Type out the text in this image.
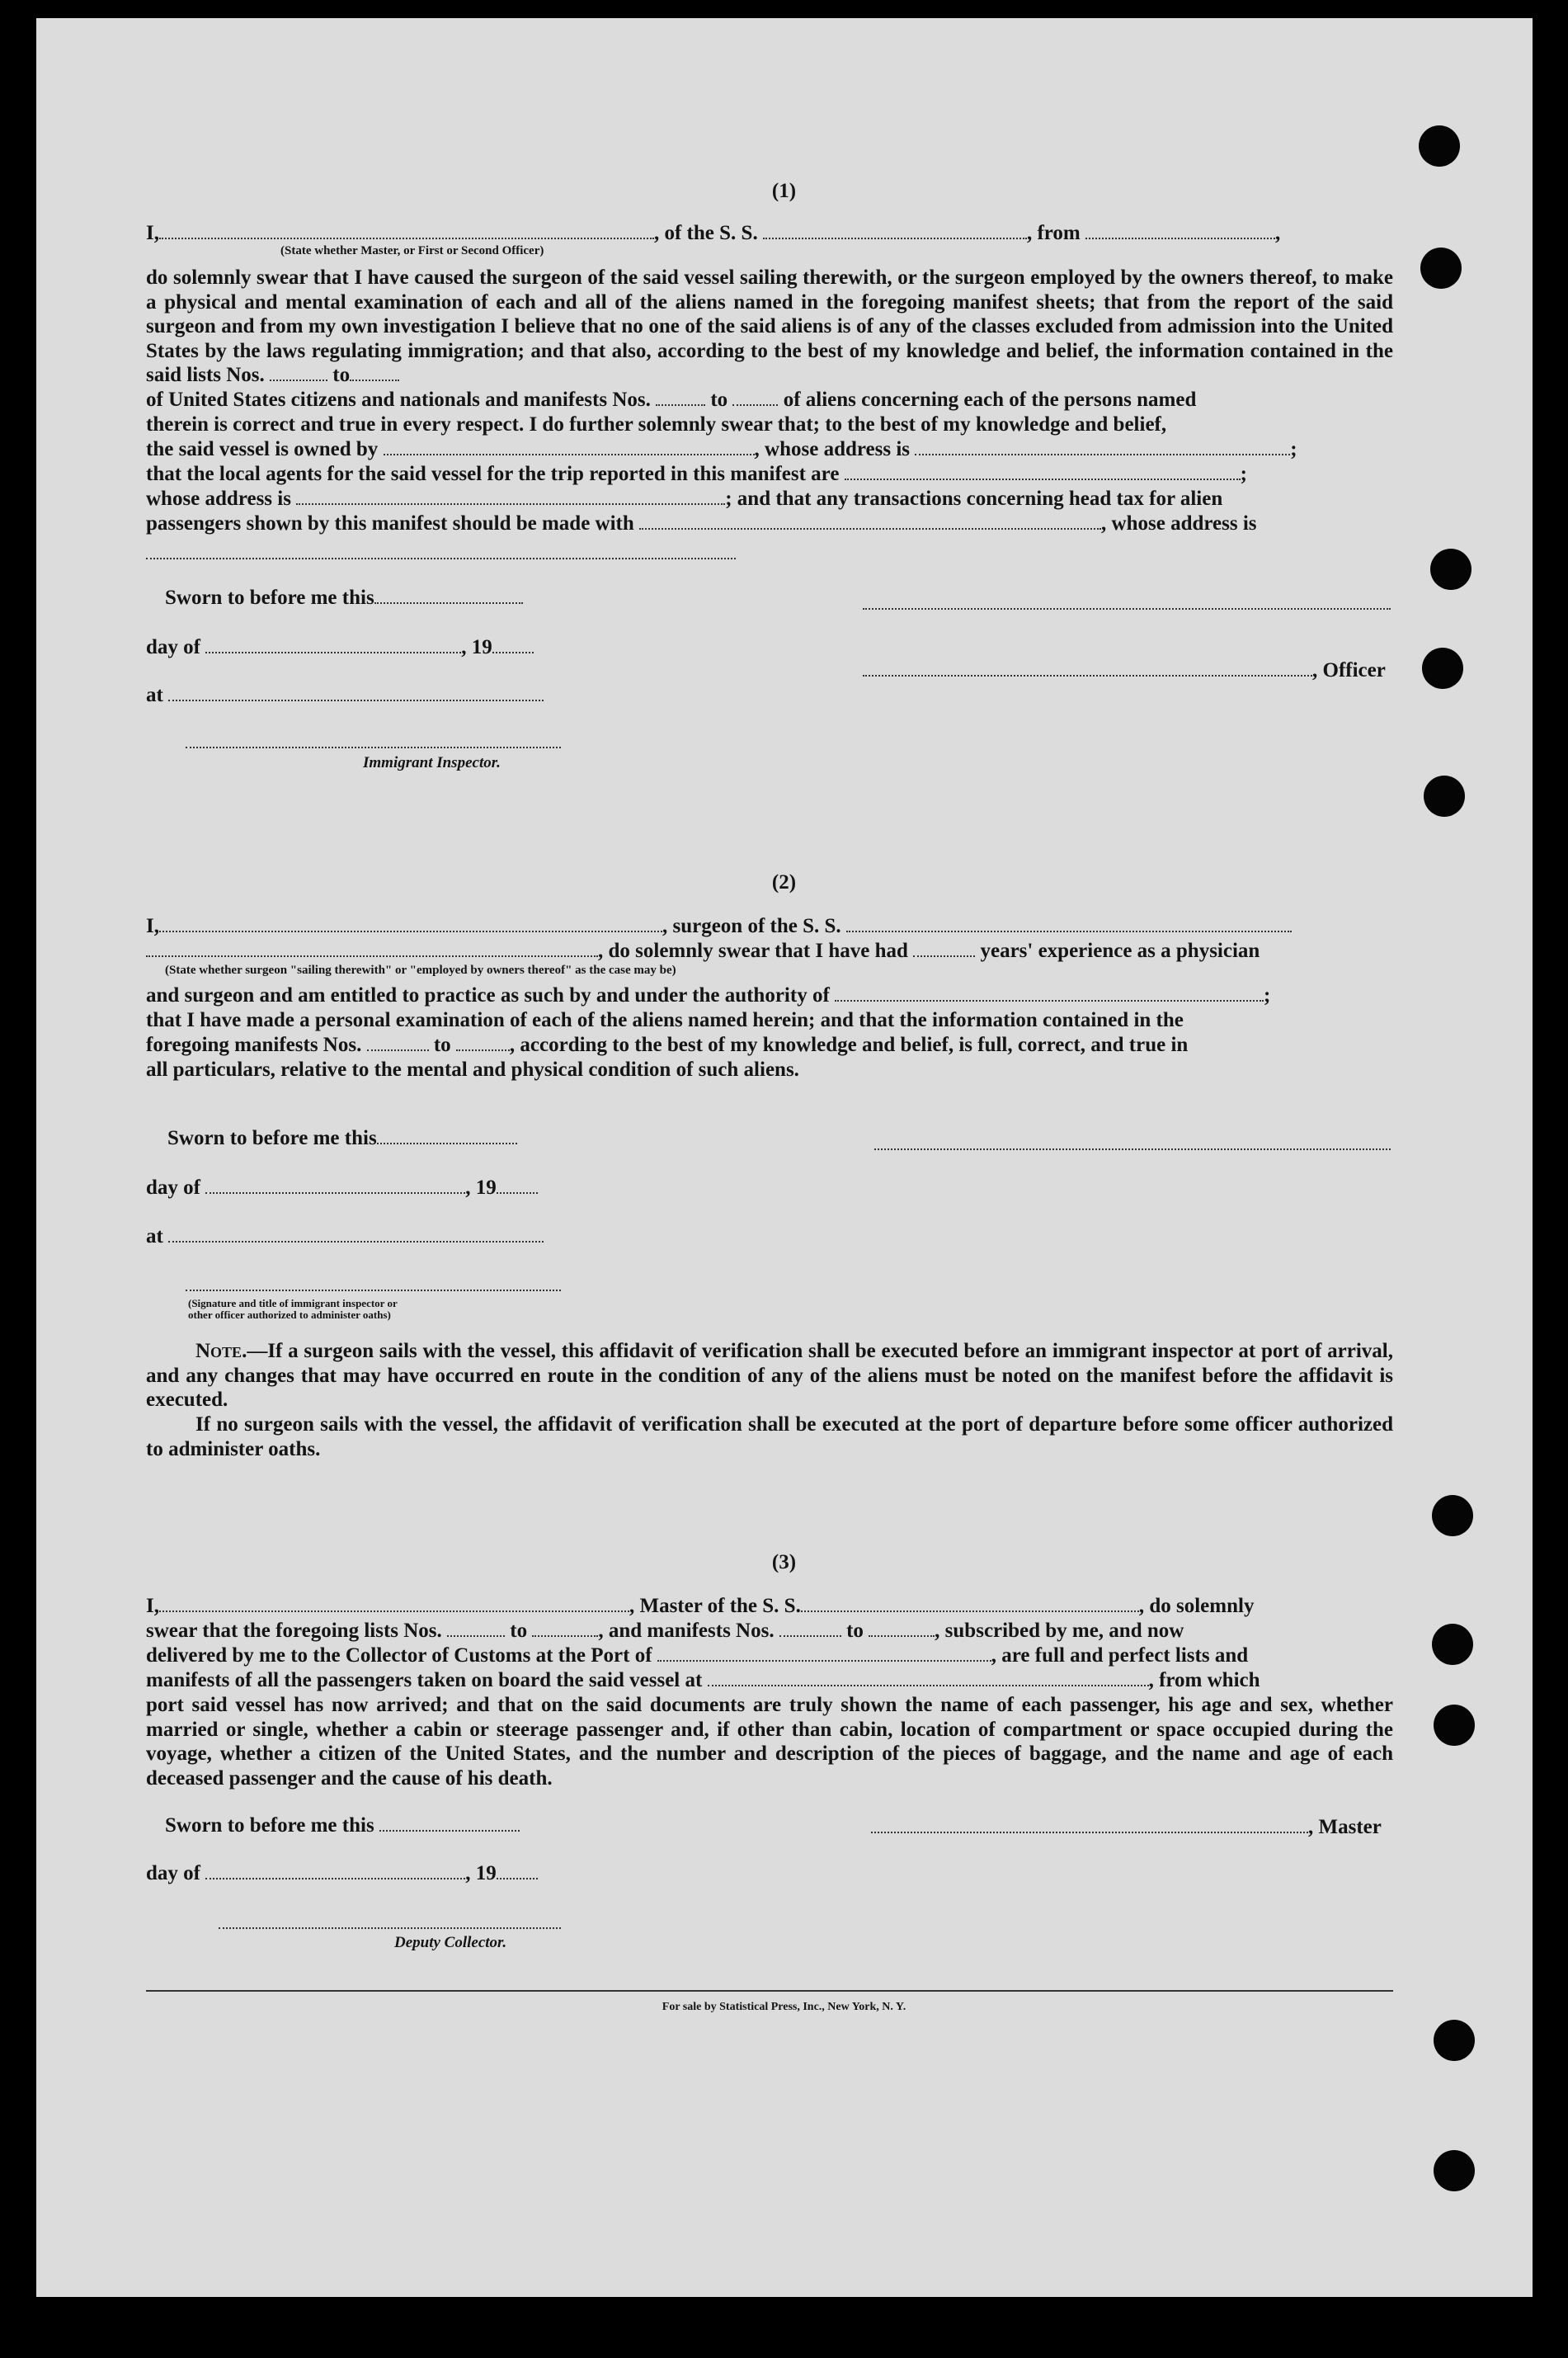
(1)
I,	, of the S. S.	, from	,
(State whether Master, or First or Second Officer)
do solemnly swear that I have caused the surgeon of the said vessel sailing therewith, or the surgeon employed by the owners thereof, to make a physical and mental examination of each and all of the aliens named in the foregoing manifest sheets; that from the report of the said surgeon and from my own investigation I believe that no one of the said aliens is of any of the classes excluded from admission into the United States by the laws regulating immigration; and that also, according to the best of my knowledge and belief, the information contained in the said lists Nos.	to
of United States citizens and nationals and manifests Nos.	to	of aliens concerning each of the persons named
therein is correct and true in every respect. I do further solemnly swear that; to the best of my knowledge and belief,
the said vessel is owned by	, whose address is	;
that the local agents for the said vessel for the trip reported in this manifest are	;
whose address is	; and that any transactions concerning head tax for alien
passengers shown by this manifest should be made with	, whose address is
Sworn to before me this
day of	, 19
at
Immigrant Inspector.
, Officer
(2)
I,	, surgeon of the S. S.
, do solemnly swear that I have had	years' experience as a physician
(State whether surgeon "sailing therewith" or "employed by owners thereof" as the case may be)
and surgeon and am entitled to practice as such by and under the authority of	;
that I have made a personal examination of each of the aliens named herein; and that the information contained in the
foregoing manifests Nos.	to	, according to the best of my knowledge and belief, is full, correct, and true in
all particulars, relative to the mental and physical condition of such aliens.
Sworn to before me this
day of	, 19
at
(Signature and title of immigrant inspector or
other officer authorized to administer oaths)
Note.—If a surgeon sails with the vessel, this affidavit of verification shall be executed before an immigrant inspector at port of arrival, and any changes that may have occurred en route in the condition of any of the aliens must be noted on the manifest before the affidavit is executed.
If no surgeon sails with the vessel, the affidavit of verification shall be executed at the port of departure before some officer authorized to administer oaths.
(3)
I,	, Master of the S. S.	, do solemnly
swear that the foregoing lists Nos.	to	, and manifests Nos.	to	, subscribed by me, and now
delivered by me to the Collector of Customs at the Port of	, are full and perfect lists and
manifests of all the passengers taken on board the said vessel at	, from which
port said vessel has now arrived; and that on the said documents are truly shown the name of each passenger, his age and sex, whether married or single, whether a cabin or steerage passenger and, if other than cabin, location of compartment or space occupied during the voyage, whether a citizen of the United States, and the number and description of the pieces of baggage, and the name and age of each deceased passenger and the cause of his death.
Sworn to before me this
day of	, 19
Deputy Collector.
, Master
For sale by Statistical Press, Inc., New York, N. Y.
